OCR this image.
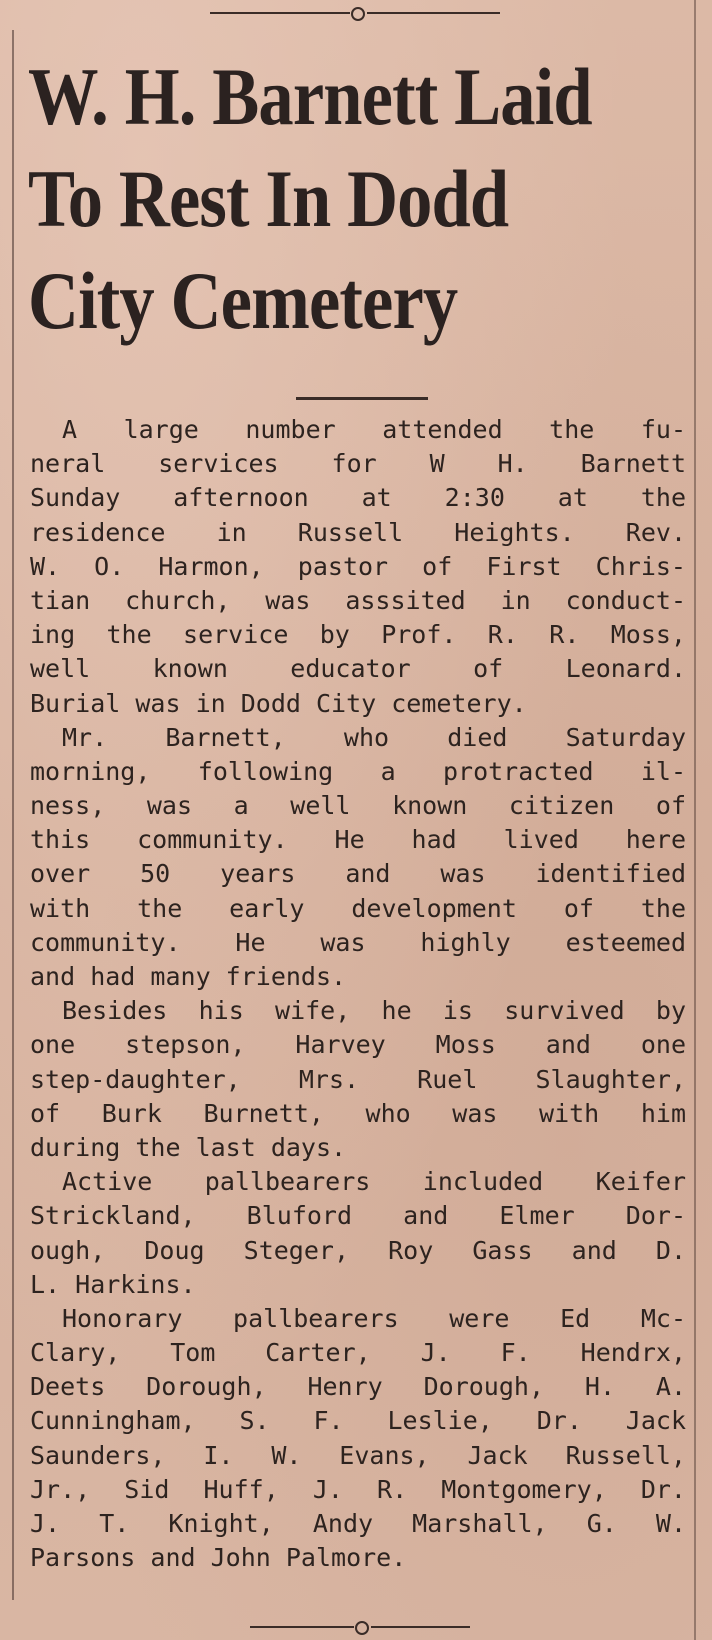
W. H. Barnett Laid
To Rest In Dodd
City Cemetery
A large number attended the fu-
neral services for W H. Barnett
Sunday afternoon at 2:30 at the
residence in Russell Heights. Rev.
W. O. Harmon, pastor of First Chris-
tian church, was asssited in conduct-
ing the service by Prof. R. R. Moss,
well known educator of Leonard.
Burial was in Dodd City cemetery.
Mr. Barnett, who died Saturday
morning, following a protracted il-
ness, was a well known citizen of
this community. He had lived here
over 50 years and was identified
with the early development of the
community. He was highly esteemed
and had many friends.
Besides his wife, he is survived by
one stepson, Harvey Moss and one
step-daughter, Mrs. Ruel Slaughter,
of Burk Burnett, who was with him
during the last days.
Active pallbearers included Keifer
Strickland, Bluford and Elmer Dor-
ough, Doug Steger, Roy Gass and D.
L. Harkins.
Honorary pallbearers were Ed Mc-
Clary, Tom Carter, J. F. Hendrx,
Deets Dorough, Henry Dorough, H. A.
Cunningham, S. F. Leslie, Dr. Jack
Saunders, I. W. Evans, Jack Russell,
Jr., Sid Huff, J. R. Montgomery, Dr.
J. T. Knight, Andy Marshall, G. W.
Parsons and John Palmore.
